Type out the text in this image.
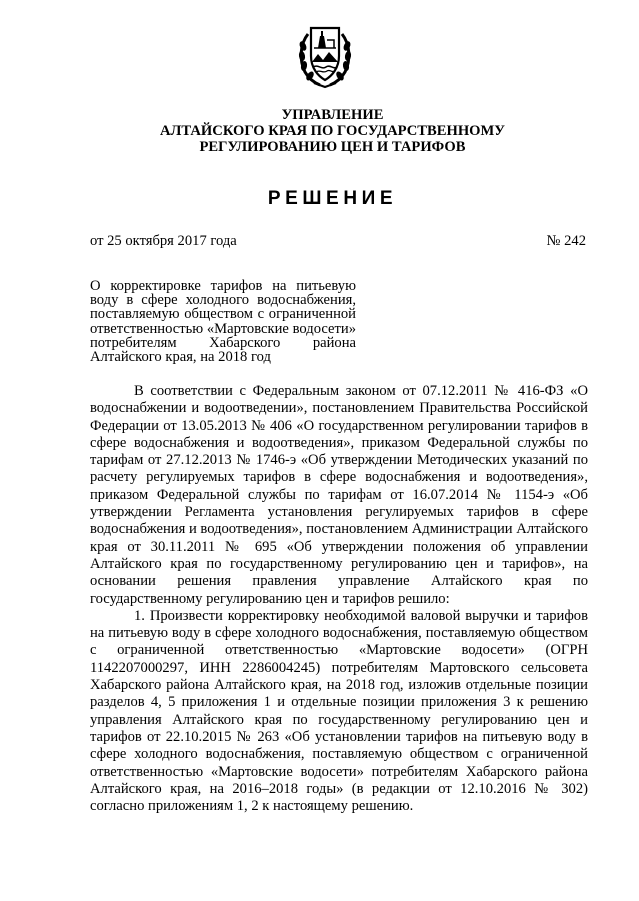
УПРАВЛЕНИЕ
АЛТАЙСКОГО КРАЯ ПО ГОСУДАРСТВЕННОМУ
РЕГУЛИРОВАНИЮ ЦЕН И ТАРИФОВ
РЕШЕНИЕ
от 25 октября 2017 года	№ 242

О корректировке тарифов на питьевую воду в сфере холодного водоснабжения, поставляемую обществом с ограниченной ответственностью «Мартовские водосети» потребителям Хабарского района Алтайского края, на 2018 год

В соответствии с Федеральным законом от 07.12.2011 № 416-ФЗ «О водоснабжении и водоотведении», постановлением Правительства Российской Федерации от 13.05.2013 № 406 «О государственном регулировании тарифов в сфере водоснабжения и водоотведения», приказом Федеральной службы по тарифам от 27.12.2013 № 1746-э «Об утверждении Методических указаний по расчету регулируемых тарифов в сфере водоснабжения и водоотведения», приказом Федеральной службы по тарифам от 16.07.2014 № 1154-э «Об утверждении Регламента установления регулируемых тарифов в сфере водоснабжения и водоотведения», постановлением Администрации Алтайского края от 30.11.2011 № 695 «Об утверждении положения об управлении Алтайского края по государственному регулированию цен и тарифов», на основании решения правления управление Алтайского края по государственному регулированию цен и тарифов решило:

1. Произвести корректировку необходимой валовой выручки и тарифов на питьевую воду в сфере холодного водоснабжения, поставляемую обществом с ограниченной ответственностью «Мартовские водосети» (ОГРН 1142207000297, ИНН 2286004245) потребителям Мартовского сельсовета Хабарского района Алтайского края, на 2018 год, изложив отдельные позиции разделов 4, 5 приложения 1 и отдельные позиции приложения 3 к решению управления Алтайского края по государственному регулированию цен и тарифов от 22.10.2015 № 263 «Об установлении тарифов на питьевую воду в сфере холодного водоснабжения, поставляемую обществом с ограниченной ответственностью «Мартовские водосети» потребителям Хабарского района Алтайского края, на 2016–2018 годы» (в редакции от 12.10.2016 № 302) согласно приложениям 1, 2 к настоящему решению.
